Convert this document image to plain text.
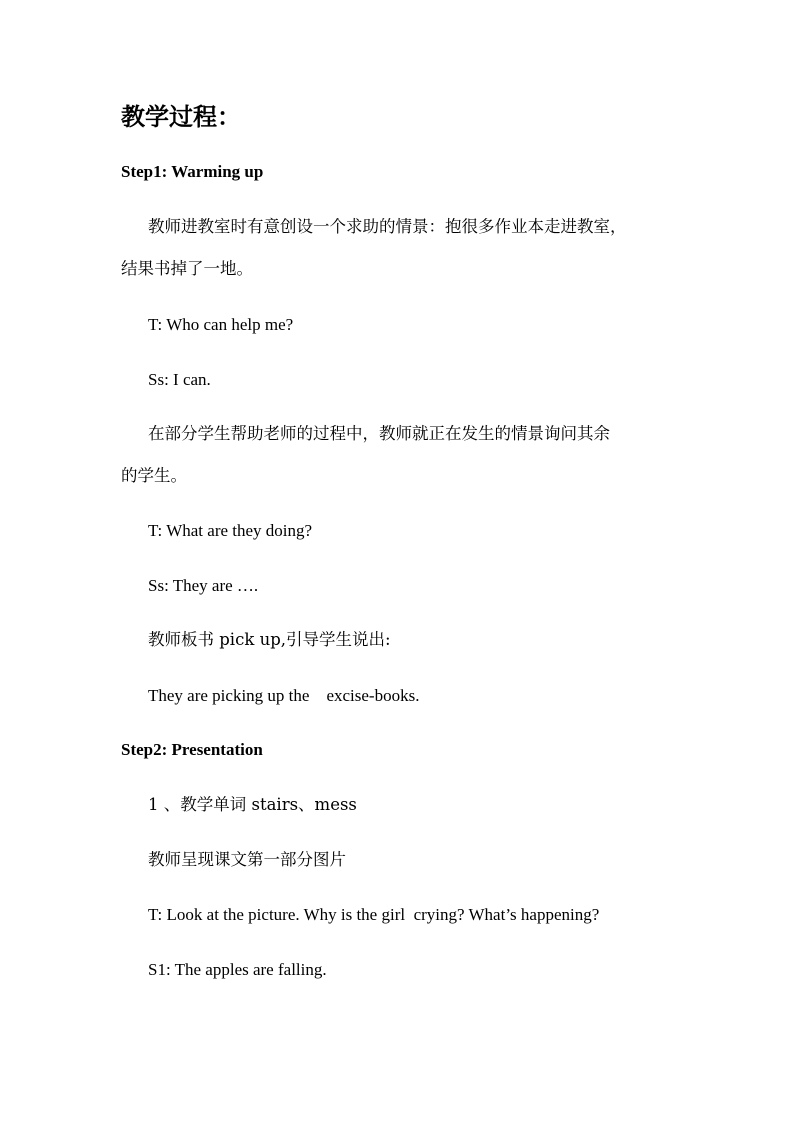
教学过程：
Step1: Warming up
教师进教室时有意创设一个求助的情景：抱很多作业本走进教室，
结果书掉了一地。
T: Who can help me?
Ss: I can.
在部分学生帮助老师的过程中，教师就正在发生的情景询问其余
的学生。
T: What are they doing?
Ss: They are ….
教师板书 pick up,引导学生说出:
They are picking up the    excise-books.
Step2: Presentation
1 、教学单词 stairs、mess
教师呈现课文第一部分图片
T: Look at the picture. Why is the girl  crying? What’s happening?
S1: The apples are falling.
